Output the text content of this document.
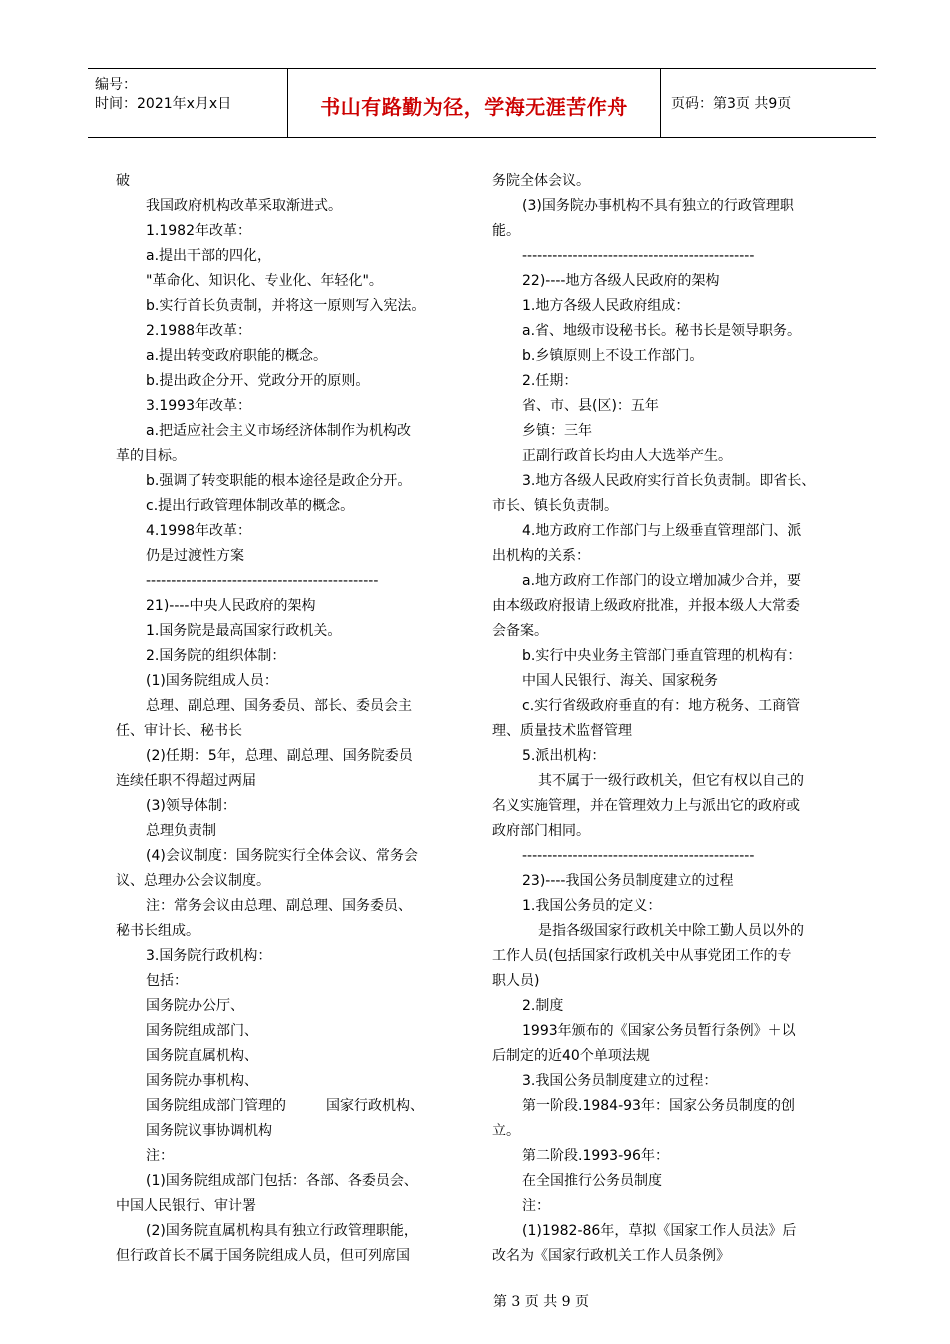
编号：
时间：2021年x月x日	书山有路勤为径，学海无涯苦作舟	页码：第3页 共9页
破
我国政府机构改革采取渐进式。
1.1982年改革：
a.提出干部的四化，
"革命化、知识化、专业化、年轻化"。
b.实行首长负责制，并将这一原则写入宪法。
2.1988年改革：
a.提出转变政府职能的概念。
b.提出政企分开、党政分开的原则。
3.1993年改革：
a.把适应社会主义市场经济体制作为机构改
革的目标。
b.强调了转变职能的根本途径是政企分开。
c.提出行政管理体制改革的概念。
4.1998年改革：
仍是过渡性方案
----------------------------------------------
21)----中央人民政府的架构
1.国务院是最高国家行政机关。
2.国务院的组织体制：
(1)国务院组成人员：
总理、副总理、国务委员、部长、委员会主
任、审计长、秘书长
(2)任期：5年，总理、副总理、国务院委员
连续任职不得超过两届
(3)领导体制：
总理负责制
(4)会议制度：国务院实行全体会议、常务会
议、总理办公会议制度。
注：常务会议由总理、副总理、国务委员、
秘书长组成。
3.国务院行政机构：
包括：
国务院办公厅、
国务院组成部门、
国务院直属机构、
国务院办事机构、
国务院组成部门管理的	国家行政机构、
国务院议事协调机构
注：
(1)国务院组成部门包括：各部、各委员会、
中国人民银行、审计署
(2)国务院直属机构具有独立行政管理职能，
但行政首长不属于国务院组成人员，但可列席国
务院全体会议。
(3)国务院办事机构不具有独立的行政管理职
能。
----------------------------------------------
22)----地方各级人民政府的架构
1.地方各级人民政府组成：
a.省、地级市设秘书长。秘书长是领导职务。
b.乡镇原则上不设工作部门。
2.任期：
省、市、县(区)：五年
乡镇：三年
正副行政首长均由人大选举产生。
3.地方各级人民政府实行首长负责制。即省长、
市长、镇长负责制。
4.地方政府工作部门与上级垂直管理部门、派
出机构的关系：
a.地方政府工作部门的设立增加减少合并，要
由本级政府报请上级政府批准，并报本级人大常委
会备案。
b.实行中央业务主管部门垂直管理的机构有：
中国人民银行、海关、国家税务
c.实行省级政府垂直的有：地方税务、工商管
理、质量技术监督管理
5.派出机构：
其不属于一级行政机关，但它有权以自己的
名义实施管理，并在管理效力上与派出它的政府或
政府部门相同。
----------------------------------------------
23)----我国公务员制度建立的过程
1.我国公务员的定义：
是指各级国家行政机关中除工勤人员以外的
工作人员(包括国家行政机关中从事党团工作的专
职人员)
2.制度
1993年颁布的《国家公务员暂行条例》＋以
后制定的近40个单项法规
3.我国公务员制度建立的过程：
第一阶段.1984-93年：国家公务员制度的创
立。
第二阶段.1993-96年：
在全国推行公务员制度
注：
(1)1982-86年，草拟《国家工作人员法》后
改名为《国家行政机关工作人员条例》
第 3 页 共 9 页
